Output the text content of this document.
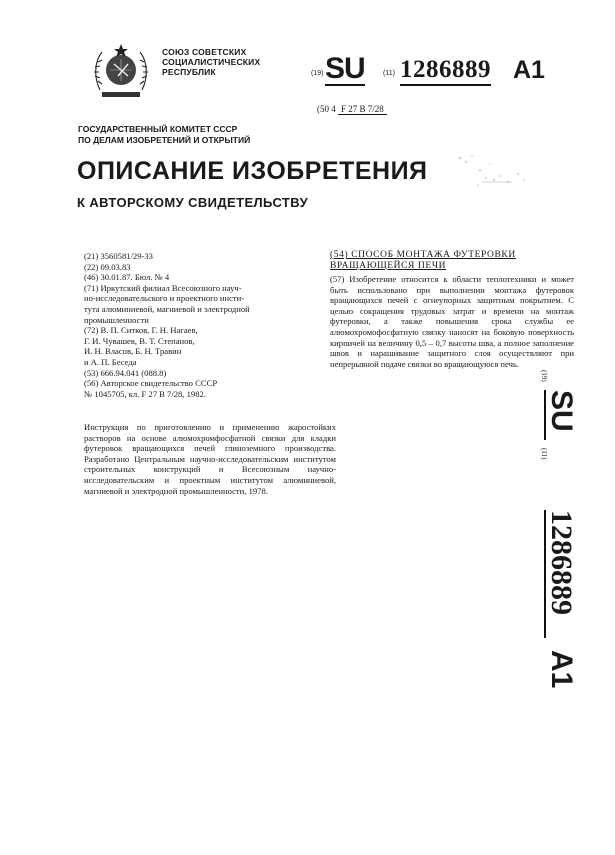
СОЮЗ СОВЕТСКИХ
СОЦИАЛИСТИЧЕСКИХ
РЕСПУБЛИК	(19) SU	(11) 1286889 A1
(50 4 F 27 B 7/28
ГОСУДАРСТВЕННЫЙ КОМИТЕТ СССР
ПО ДЕЛАМ ИЗОБРЕТЕНИЙ И ОТКРЫТИЙ
ОПИСАНИЕ ИЗОБРЕТЕНИЯ
К АВТОРСКОМУ СВИДЕТЕЛЬСТВУ
(21) 3560581/29-33
(22) 09.03.83
(46) 30.01.87. Бюл. № 4
(71) Иркутский филиал Всесоюзного науч-
но-исследовательского и проектного инсти-
тута алюминиевой, магниевой и электродной
промышленности
(72) В. П. Ситков, Г. Н. Нагаев,
Г. И. Чувашев, В. Т. Степанов,
И. Н. Власов, Б. Н. Травин
и А. П. Беседа
(53) 666.94.041 (088.8)
(56) Авторское свидетельство СССР
№ 1045705, кл. F 27 B 7/28, 1982.
Инструкция по приготовлению и применению жаростойких растворов на основе алюмохромфосфатной связки для кладки футеровок вращающихся печей глиноземного производства. Разработано Центральным научно-исследовательским институтом строительных конструкций и Всесоюзным научно-исследовательским и проектным институтом алюминиевой, магниевой и электродной промышленности, 1978.
(54) СПОСОБ МОНТАЖА ФУТЕРОВКИ
ВРАЩАЮЩЕЙСЯ ПЕЧИ
(57) Изобретение относится к области теплотехники и может быть использовано при выполнении монтажа футеровок вращающихся печей с огнеупорных защитным покрытием. С целью сокращения трудовых затрат и времени на монтаж футеровки, а также повышения срока службы ее алюмохромофосфатную связку наносят на боковую поверхность кирпичей на величину 0,5 – 0,7 высоты шва, а полное заполнение швов и нарашивание защитного слоя осуществляют при непрерывной подаче связки во вращающуюся печь.
(19)
SU
(11)
1286889
A1
